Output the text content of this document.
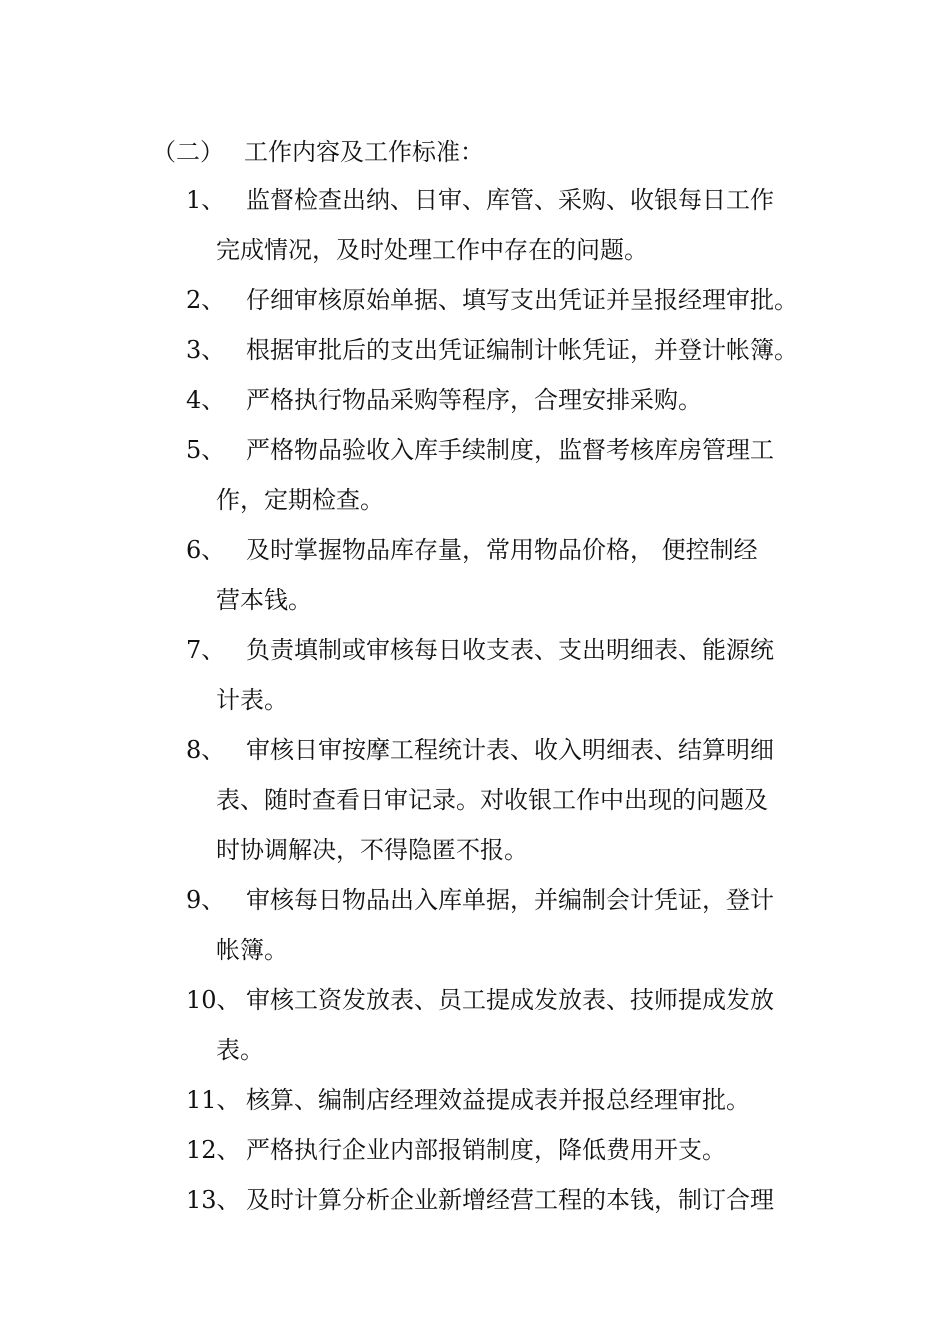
（二） 工作内容及工作标准：
1、 监督检查出纳、日审、库管、采购、收银每日工作
完成情况，及时处理工作中存在的问题。
2、 仔细审核原始单据、填写支出凭证并呈报经理审批。
3、 根据审批后的支出凭证编制计帐凭证，并登计帐簿。
4、 严格执行物品采购等程序，合理安排采购。
5、 严格物品验收入库手续制度，监督考核库房管理工
作，定期检查。
6、 及时掌握物品库存量，常用物品价格， 便控制经
营本钱。
7、 负责填制或审核每日收支表、支出明细表、能源统
计表。
8、 审核日审按摩工程统计表、收入明细表、结算明细
表、随时查看日审记录。对收银工作中出现的问题及
时协调解决，不得隐匿不报。
9、 审核每日物品出入库单据，并编制会计凭证，登计
帐簿。
10、 审核工资发放表、员工提成发放表、技师提成发放
表。
11、 核算、编制店经理效益提成表并报总经理审批。
12、 严格执行企业内部报销制度，降低费用开支。
13、 及时计算分析企业新增经营工程的本钱，制订合理
